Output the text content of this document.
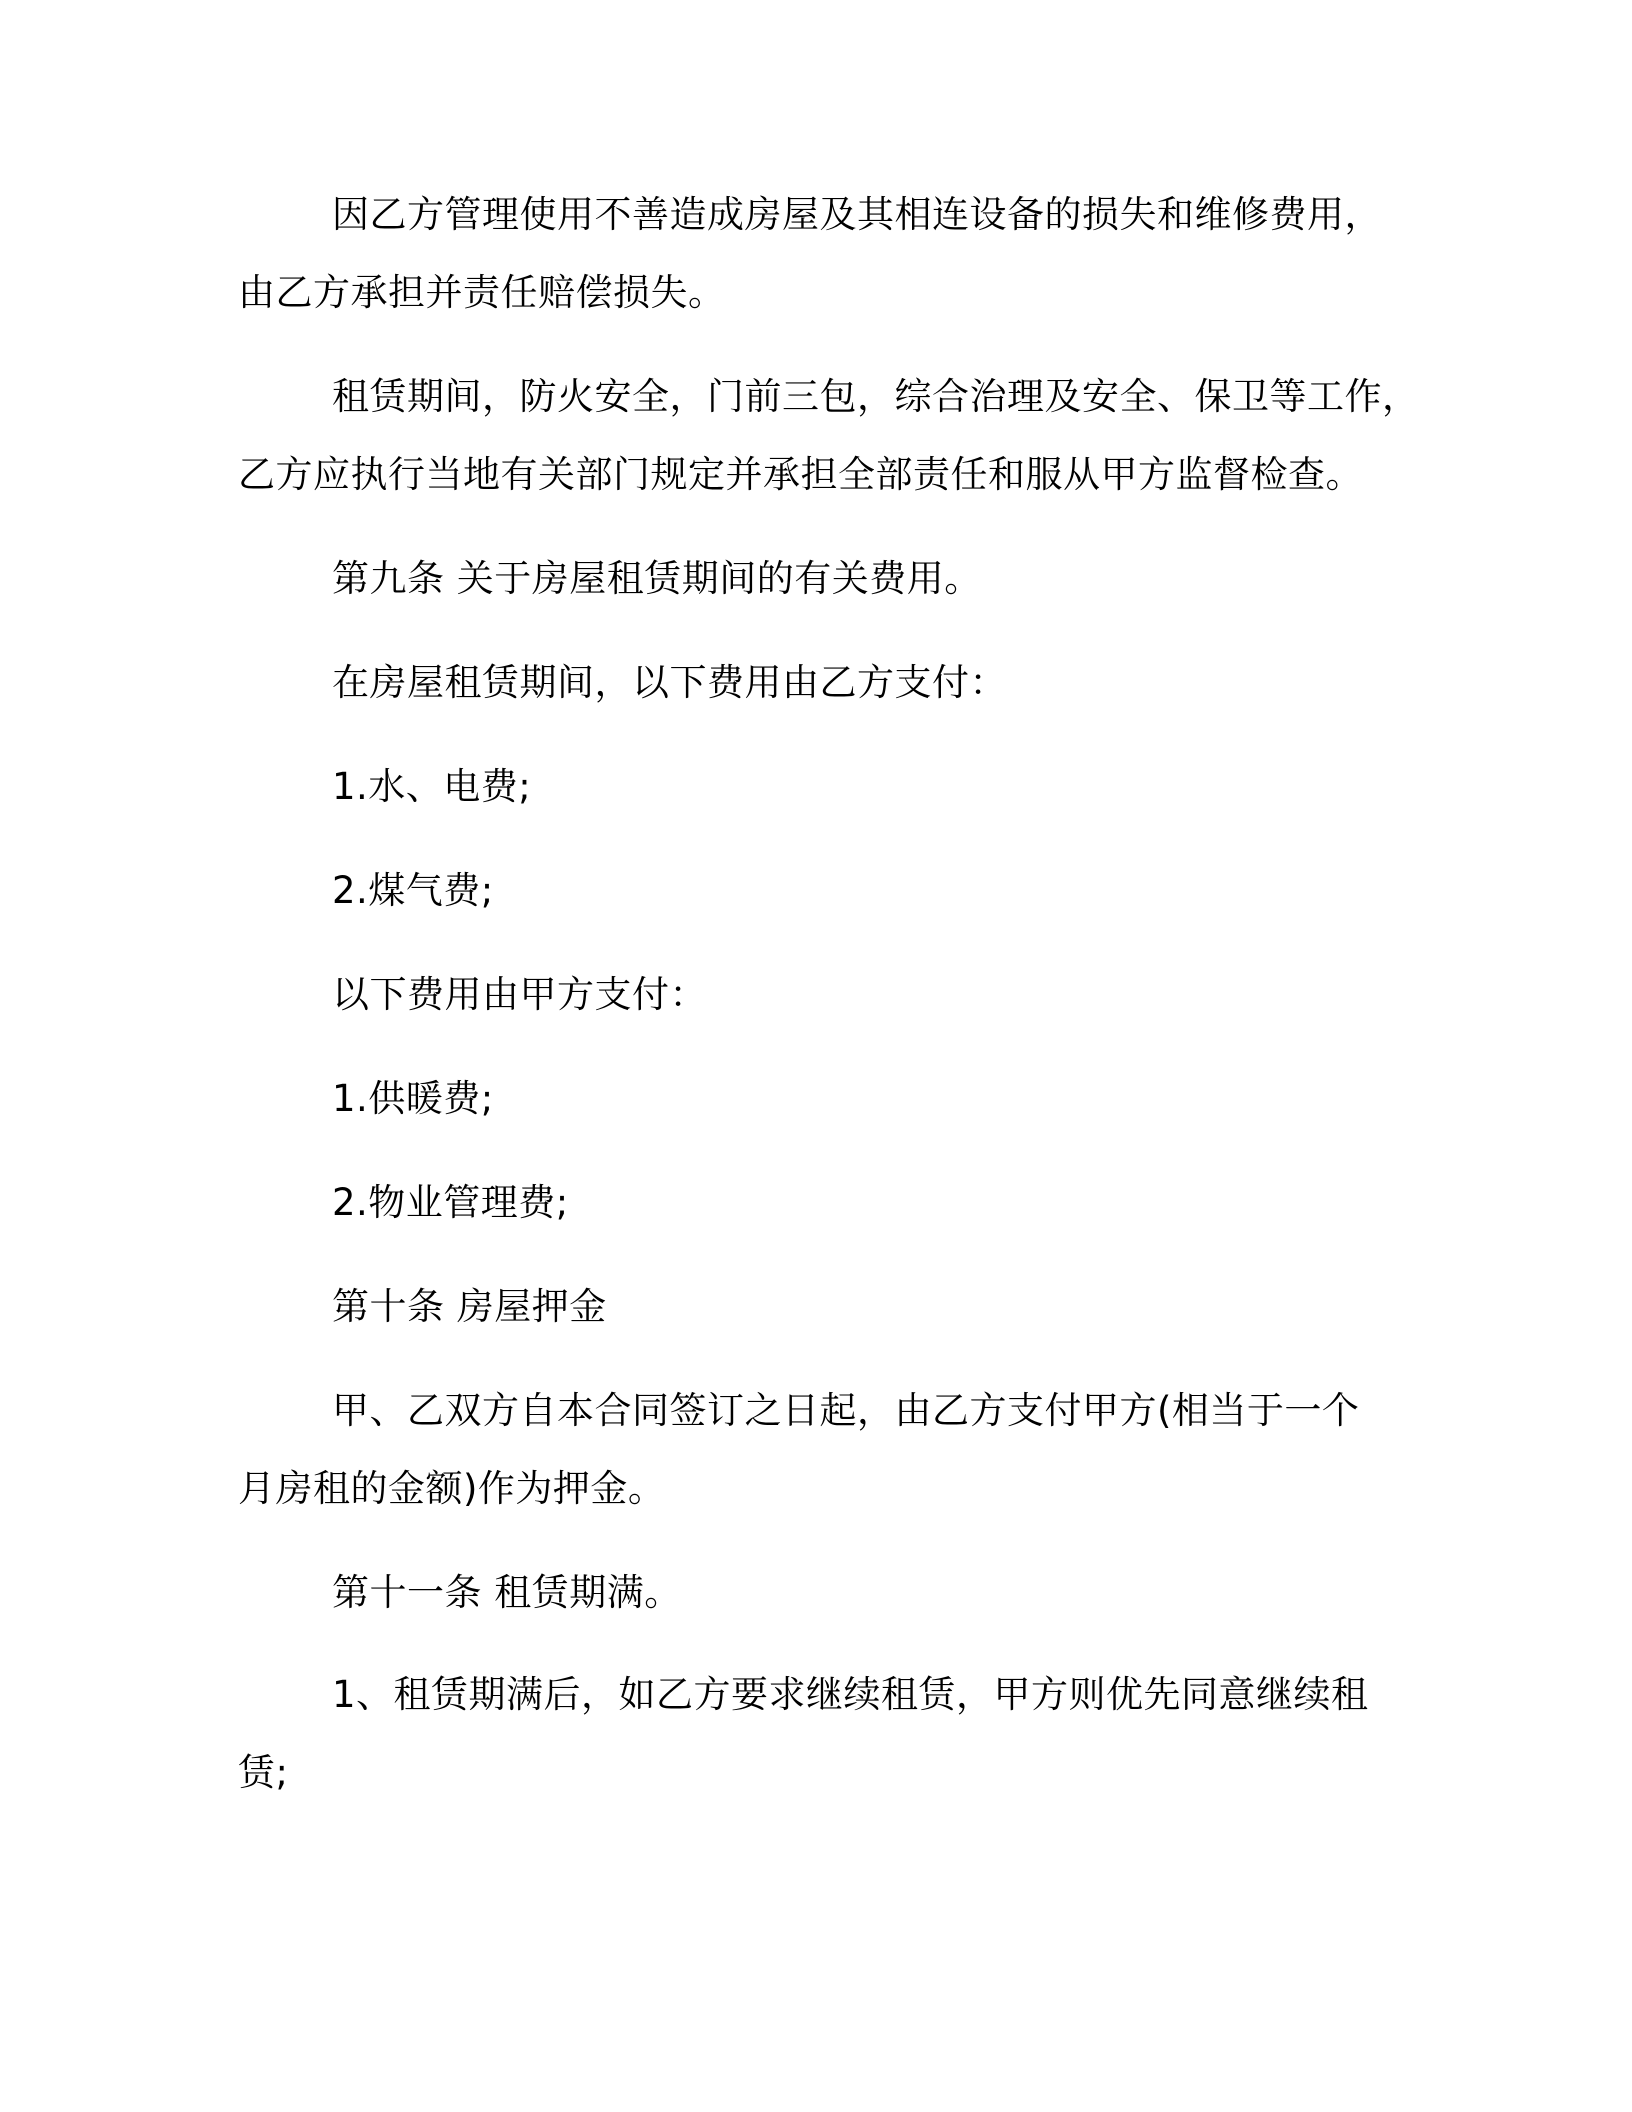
因乙方管理使用不善造成房屋及其相连设备的损失和维修费用，
由乙方承担并责任赔偿损失。
租赁期间，防火安全，门前三包，综合治理及安全、保卫等工作，
乙方应执行当地有关部门规定并承担全部责任和服从甲方监督检查。
第九条 关于房屋租赁期间的有关费用。
在房屋租赁期间，以下费用由乙方支付：
1.水、电费;
2.煤气费;
以下费用由甲方支付：
1.供暖费;
2.物业管理费;
第十条 房屋押金
甲、乙双方自本合同签订之日起，由乙方支付甲方(相当于一个
月房租的金额)作为押金。
第十一条 租赁期满。
1、租赁期满后，如乙方要求继续租赁，甲方则优先同意继续租
赁;
